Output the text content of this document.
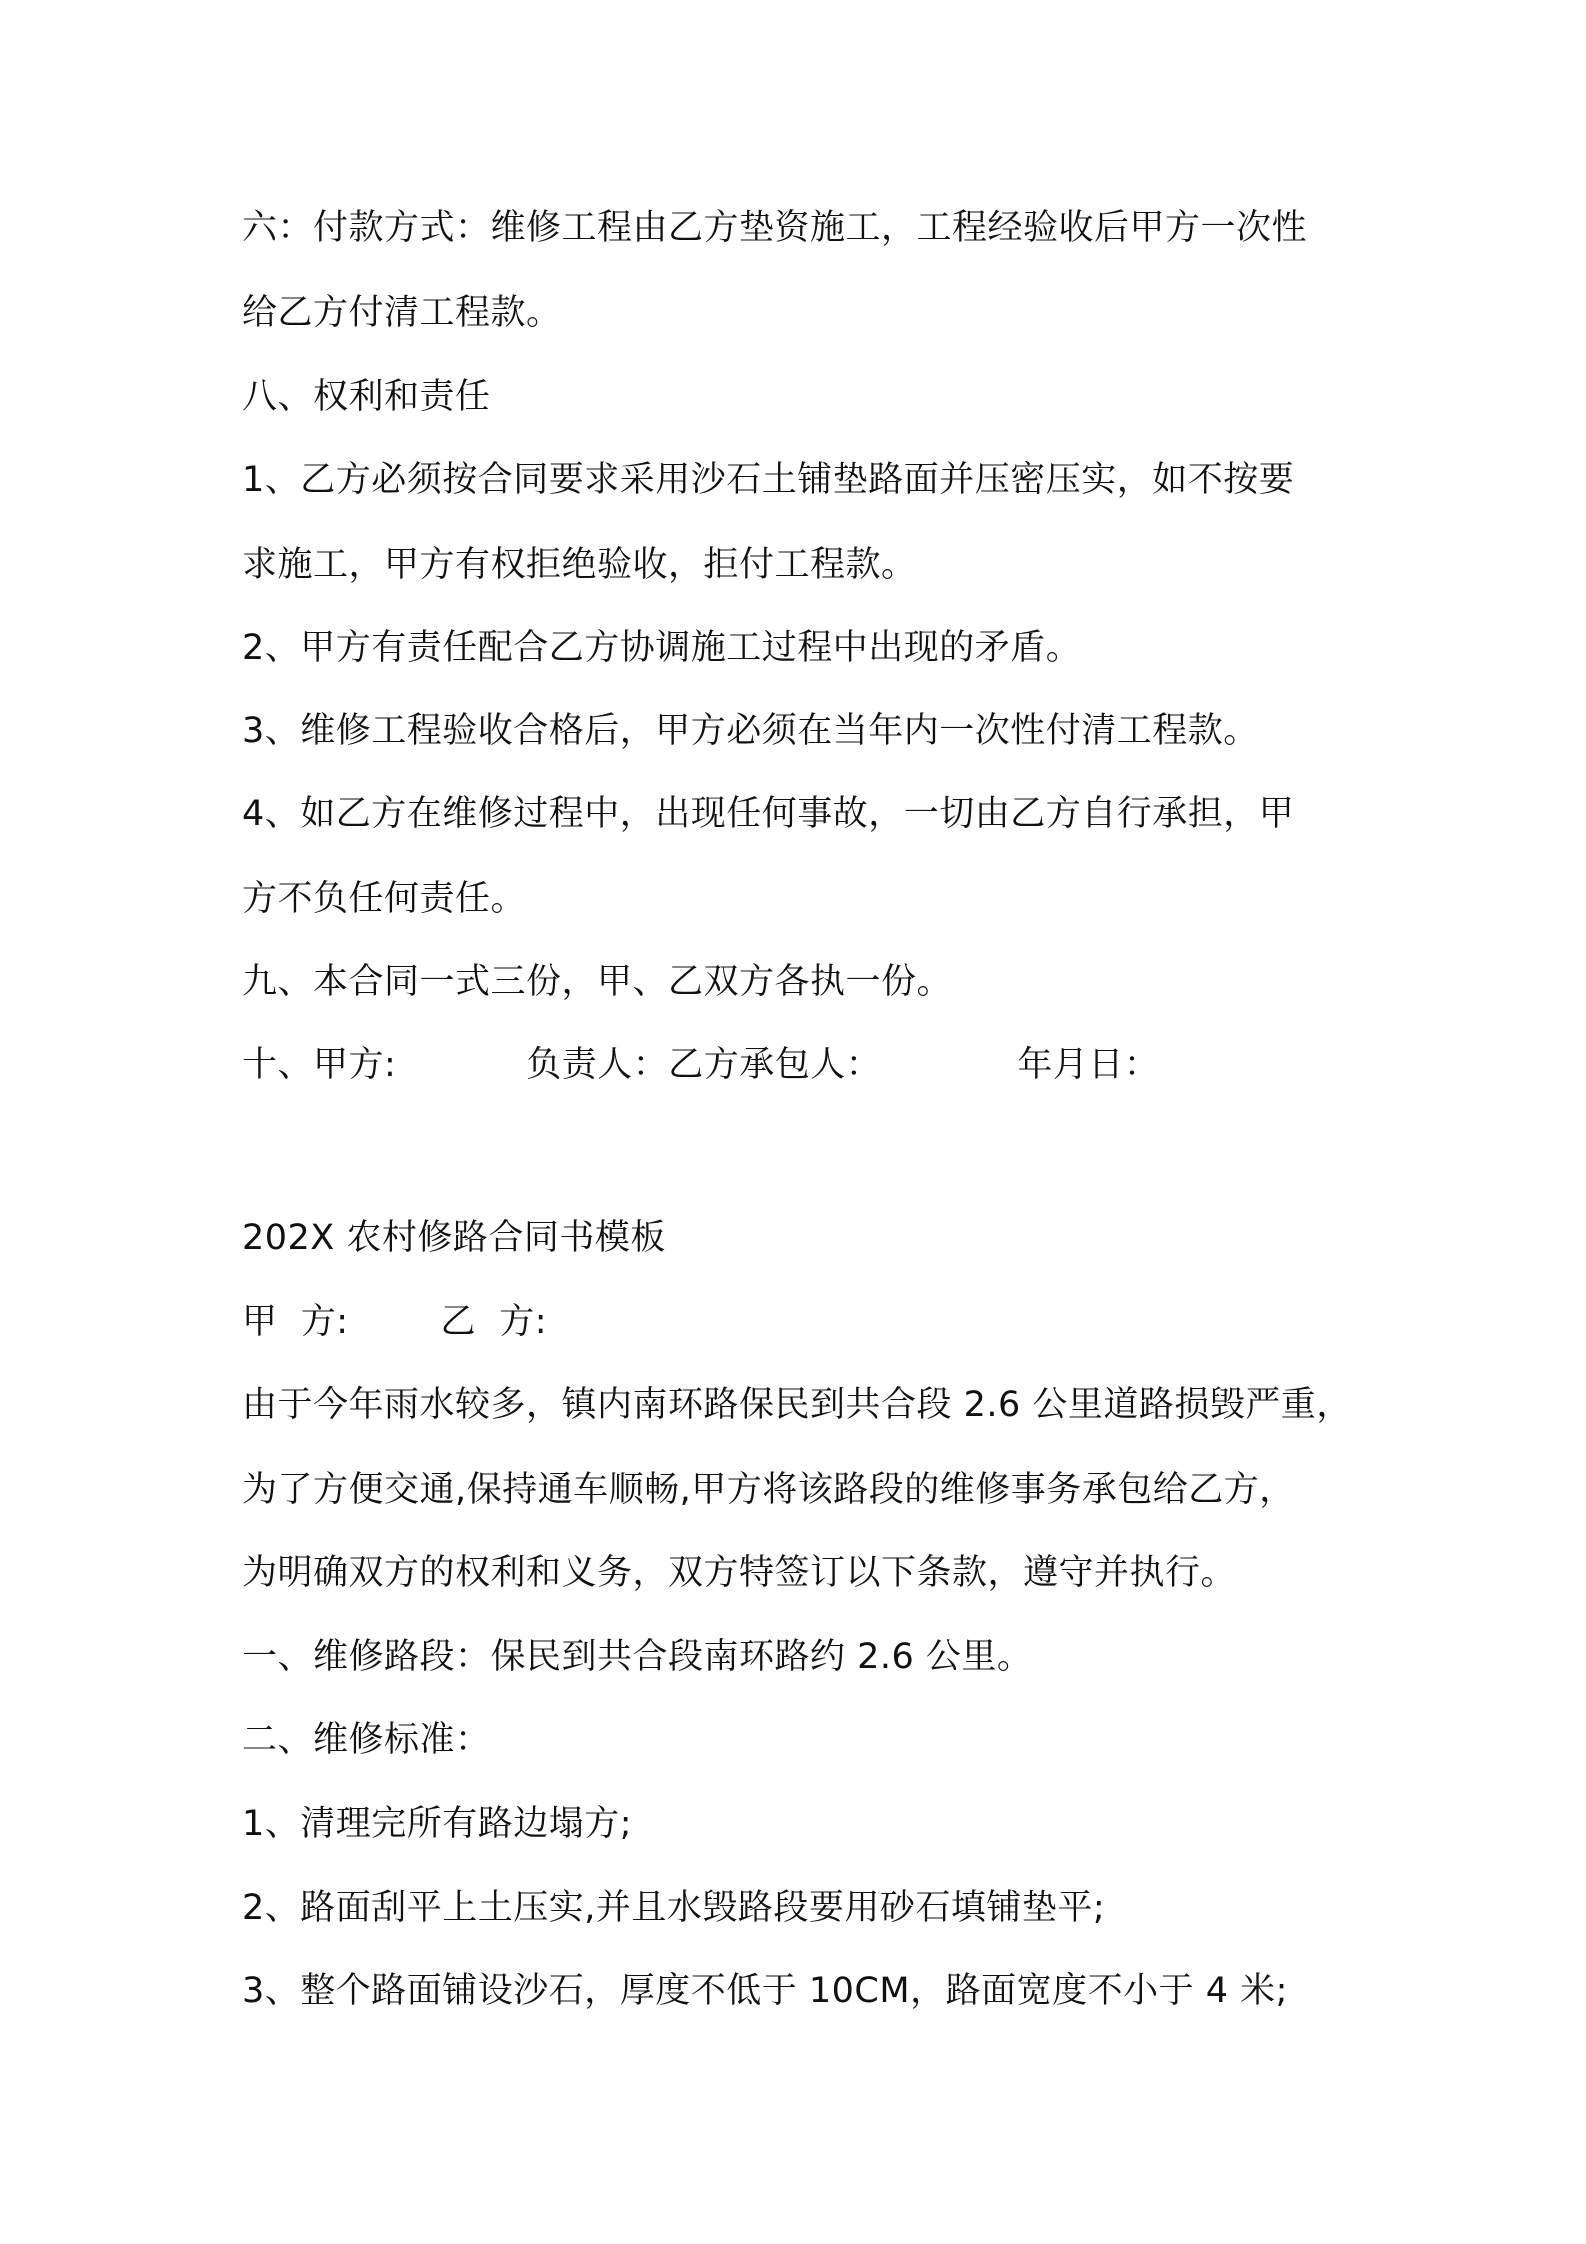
六：付款方式：维修工程由乙方垫资施工，工程经验收后甲方一次性
给乙方付清工程款。
八、权利和责任
1、乙方必须按合同要求采用沙石土铺垫路面并压密压实，如不按要
求施工，甲方有权拒绝验收，拒付工程款。
2、甲方有责任配合乙方协调施工过程中出现的矛盾。
3、维修工程验收合格后，甲方必须在当年内一次性付清工程款。
4、如乙方在维修过程中，出现任何事故，一切由乙方自行承担，甲
方不负任何责任。
九、本合同一式三份，甲、乙双方各执一份。
十、甲方:	负责人：乙方承包人：	年月日：
202X 农村修路合同书模板
甲  方:	乙  方:
由于今年雨水较多，镇内南环路保民到共合段 2.6 公里道路损毁严重，
为了方便交通,保持通车顺畅,甲方将该路段的维修事务承包给乙方，
为明确双方的权利和义务，双方特签订以下条款，遵守并执行。
一、维修路段：保民到共合段南环路约 2.6 公里。
二、维修标准：
1、清理完所有路边塌方;
2、路面刮平上土压实,并且水毁路段要用砂石填铺垫平;
3、整个路面铺设沙石，厚度不低于 10CM，路面宽度不小于 4 米;
